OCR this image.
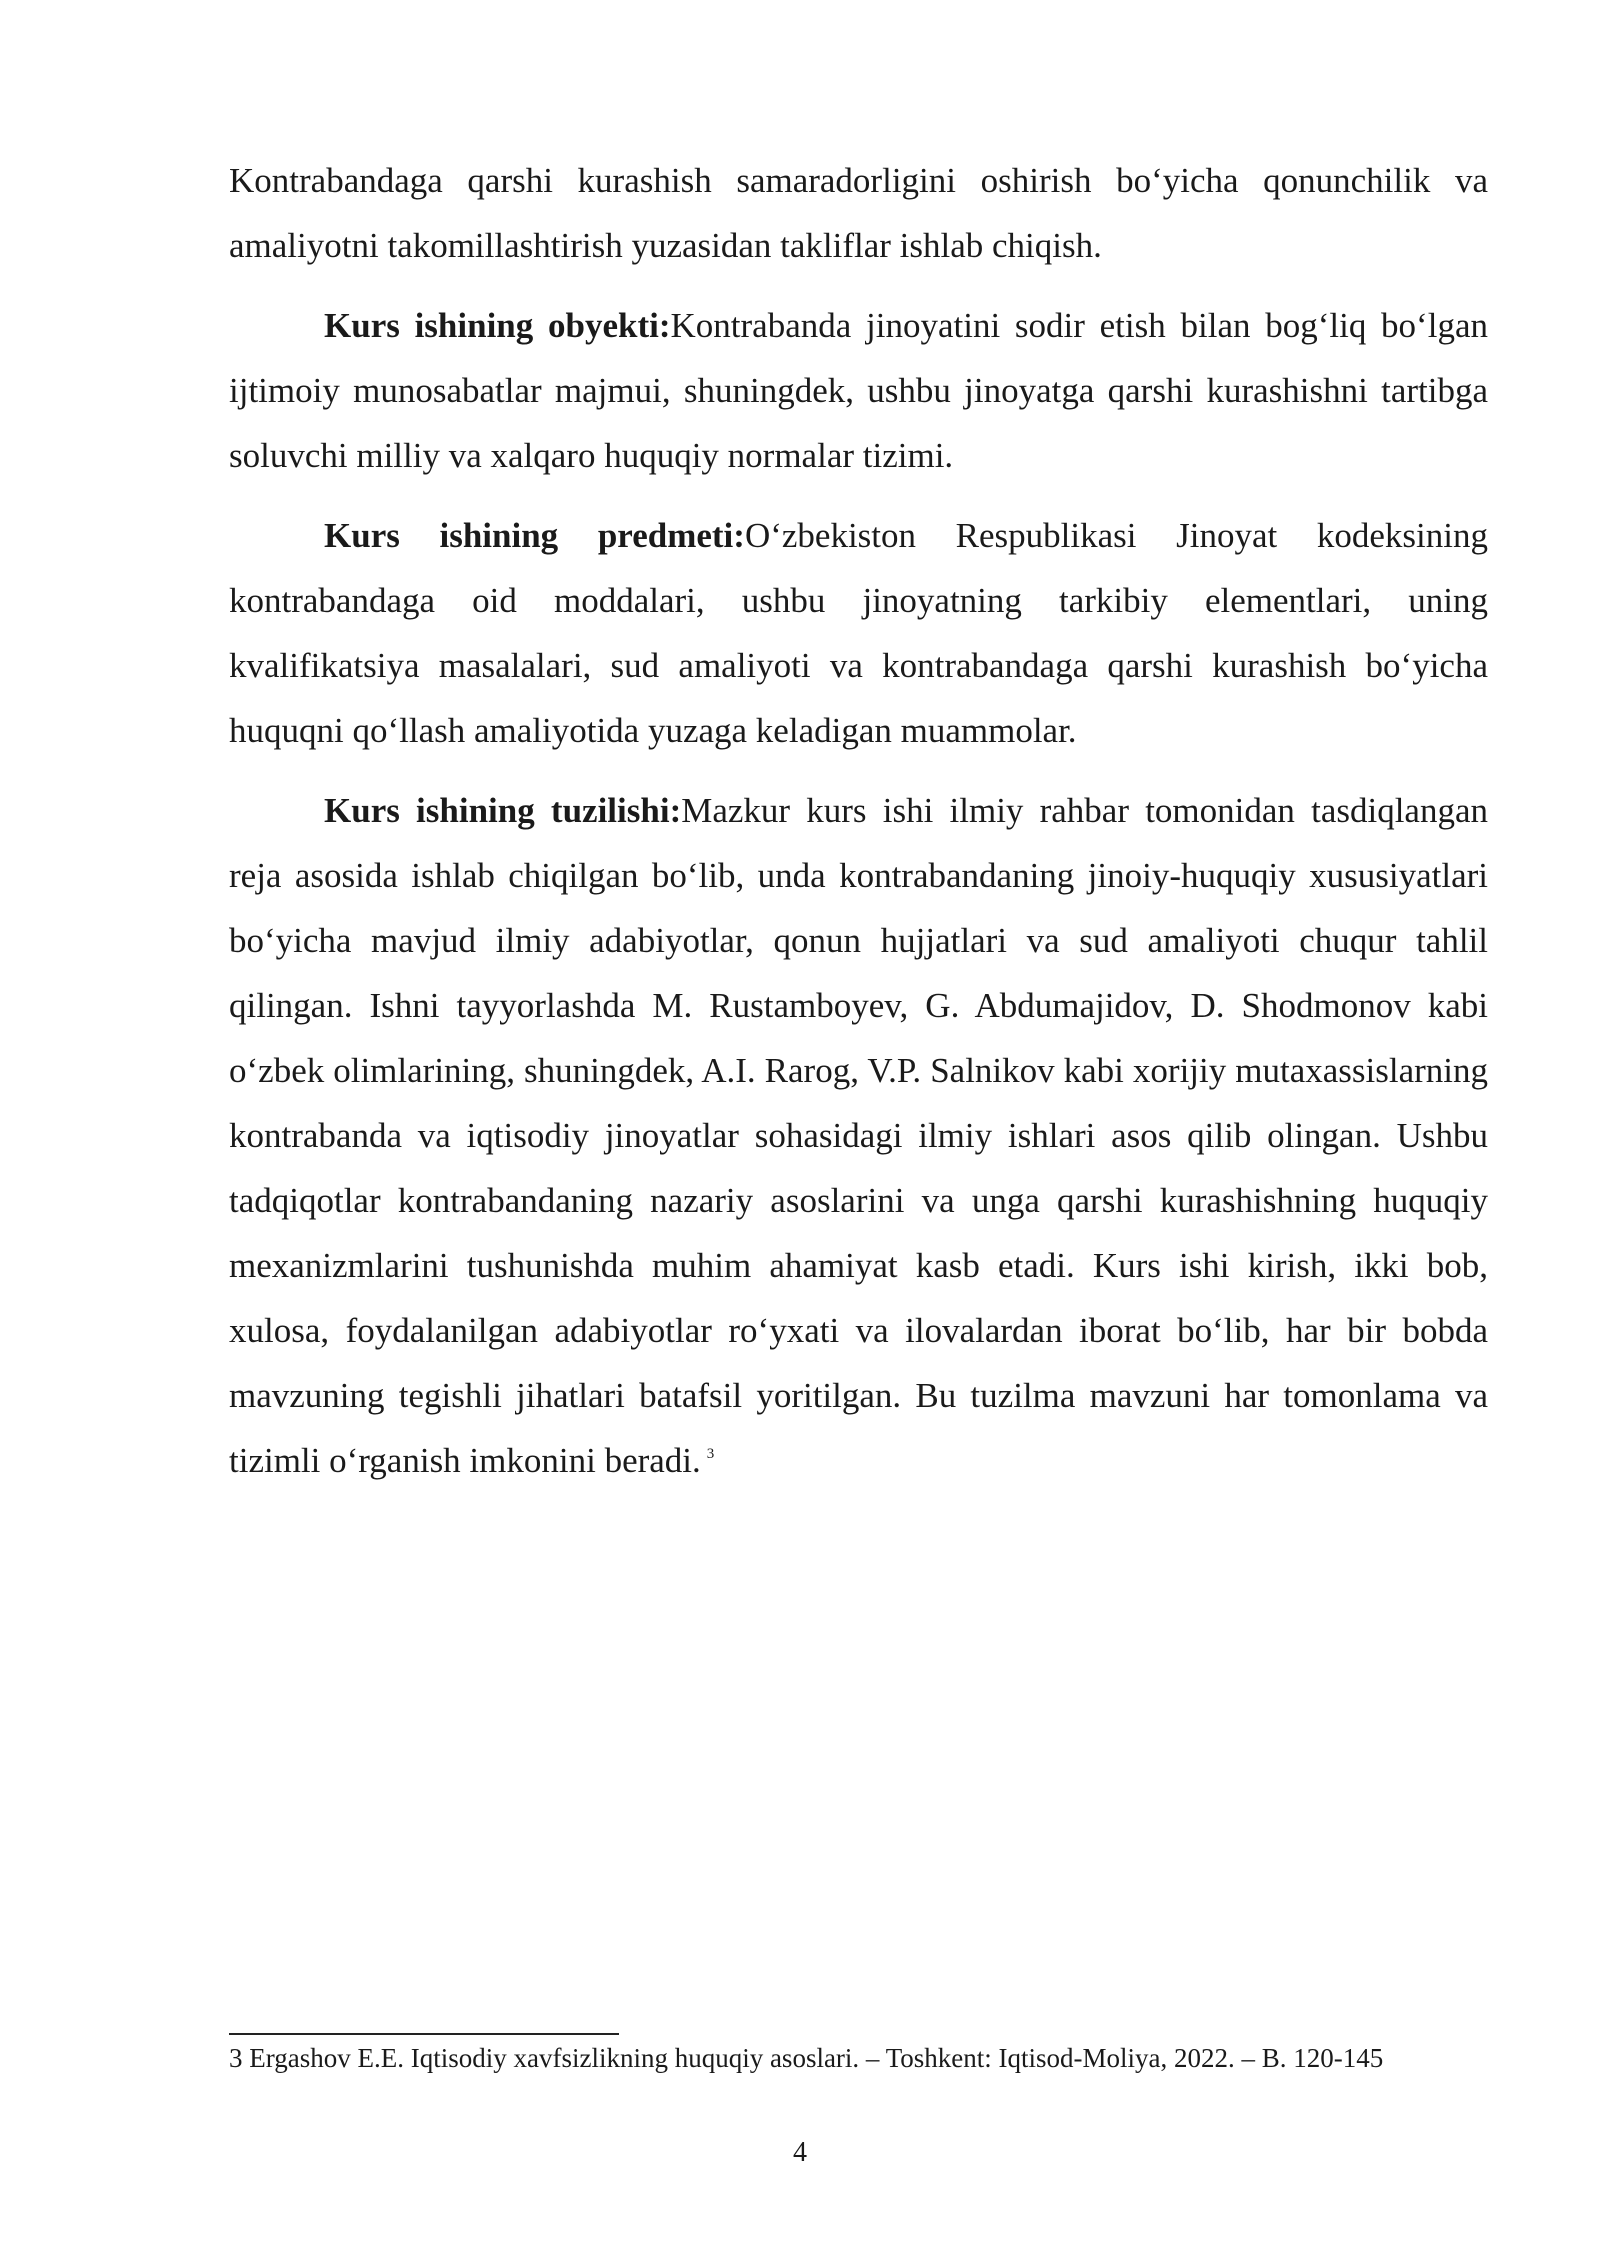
Kontrabandaga qarshi kurashish samaradorligini oshirish bo‘yicha qonunchilik va amaliyotni takomillashtirish yuzasidan takliflar ishlab chiqish.

Kurs ishining obyekti:Kontrabanda jinoyatini sodir etish bilan bog‘liq bo‘lgan ijtimoiy munosabatlar majmui, shuningdek, ushbu jinoyatga qarshi kurashishni tartibga soluvchi milliy va xalqaro huquqiy normalar tizimi.

Kurs ishining predmeti:O‘zbekiston Respublikasi Jinoyat kodeksining kontrabandaga oid moddalari, ushbu jinoyatning tarkibiy elementlari, uning kvalifikatsiya masalalari, sud amaliyoti va kontrabandaga qarshi kurashish bo‘yicha huquqni qo‘llash amaliyotida yuzaga keladigan muammolar.

Kurs ishining tuzilishi:Mazkur kurs ishi ilmiy rahbar tomonidan tasdiqlangan reja asosida ishlab chiqilgan bo‘lib, unda kontrabandaning jinoiy-huquqiy xususiyatlari bo‘yicha mavjud ilmiy adabiyotlar, qonun hujjatlari va sud amaliyoti chuqur tahlil qilingan. Ishni tayyorlashda M. Rustamboyev, G. Abdumajidov, D. Shodmonov kabi o‘zbek olimlarining, shuningdek, A.I. Rarog, V.P. Salnikov kabi xorijiy mutaxassislarning kontrabanda va iqtisodiy jinoyatlar sohasidagi ilmiy ishlari asos qilib olingan. Ushbu tadqiqotlar kontrabandaning nazariy asoslarini va unga qarshi kurashishning huquqiy mexanizmlarini tushunishda muhim ahamiyat kasb etadi. Kurs ishi kirish, ikki bob, xulosa, foydalanilgan adabiyotlar ro‘yxati va ilovalardan iborat bo‘lib, har bir bobda mavzuning tegishli jihatlari batafsil yoritilgan. Bu tuzilma mavzuni har tomonlama va tizimli o‘rganish imkonini beradi. $^3$

3 Ergashov E.E. Iqtisodiy xavfsizlikning huquqiy asoslari. – Toshkent: Iqtisod-Moliya, 2022. – B. 120-145
4
